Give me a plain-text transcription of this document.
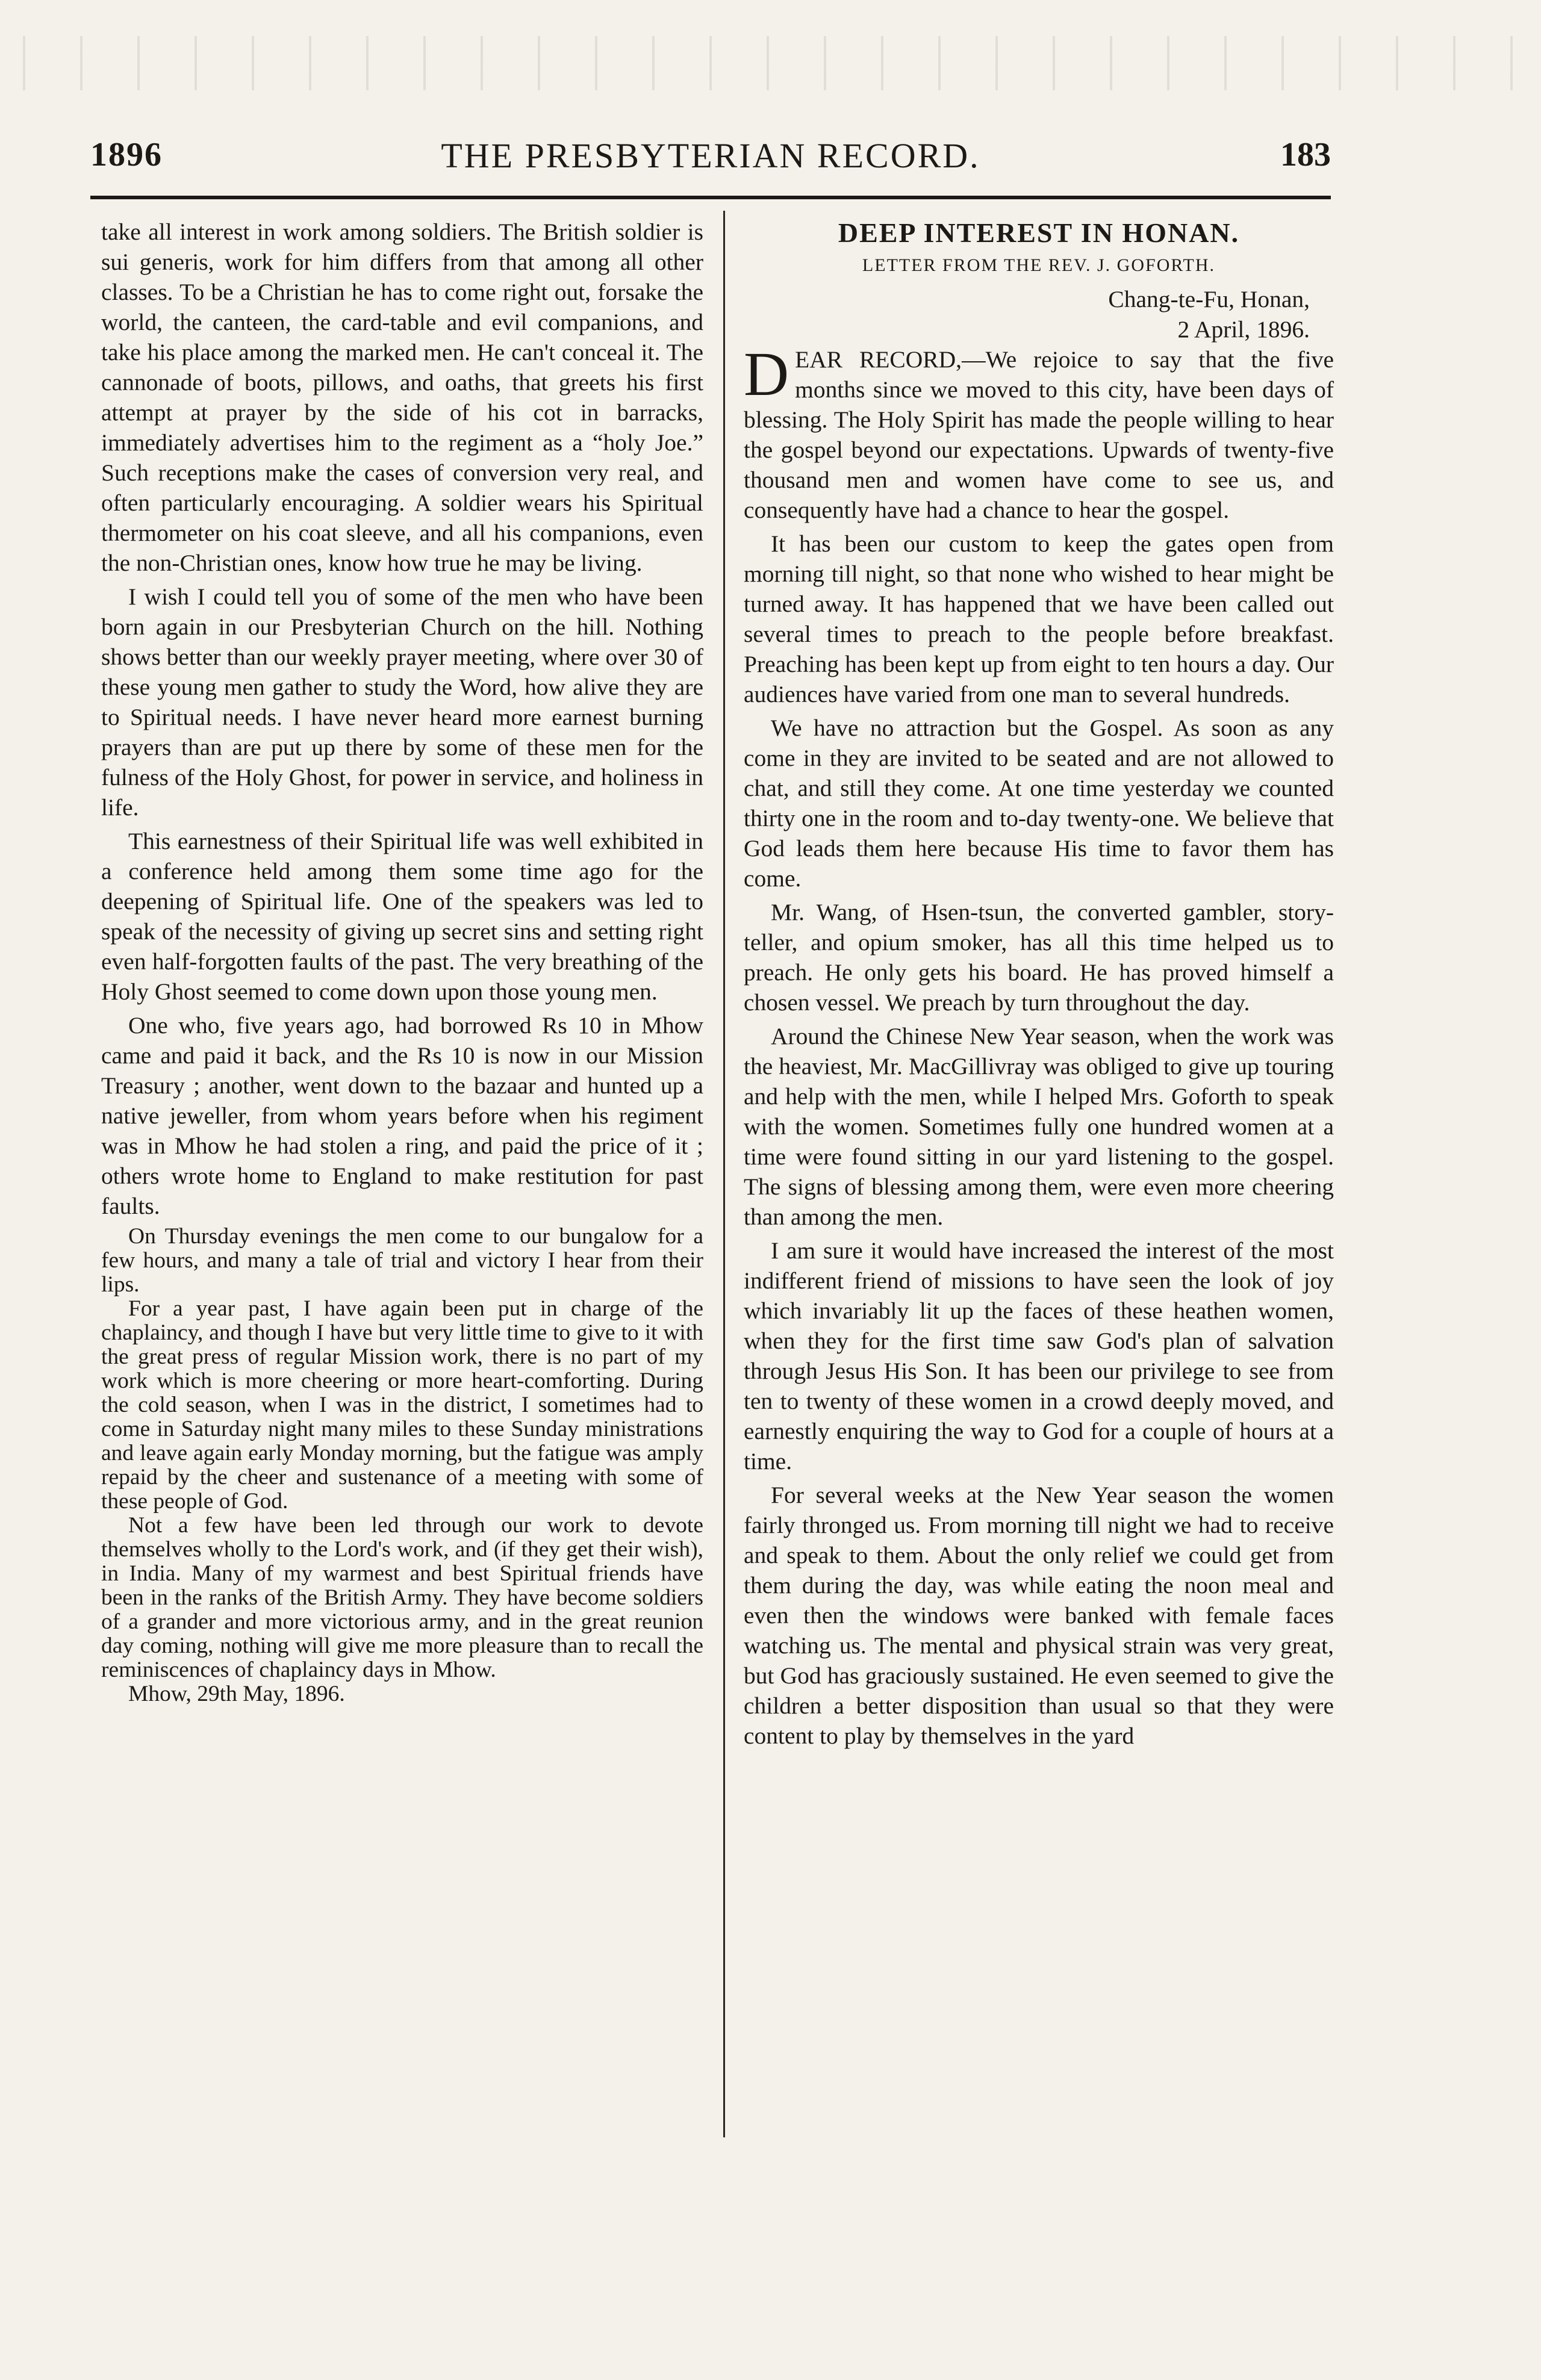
1896	THE PRESBYTERIAN RECORD.	183

take all interest in work among soldiers. The British soldier is sui generis, work for him differs from that among all other classes. To be a Christian he has to come right out, forsake the world, the canteen, the card-table and evil companions, and take his place among the marked men. He can't conceal it. The cannonade of boots, pillows, and oaths, that greets his first attempt at prayer by the side of his cot in barracks, immediately advertises him to the regiment as a “holy Joe.” Such receptions make the cases of conversion very real, and often particularly encouraging. A soldier wears his Spiritual thermometer on his coat sleeve, and all his companions, even the non-Christian ones, know how true he may be living.

I wish I could tell you of some of the men who have been born again in our Presbyterian Church on the hill. Nothing shows better than our weekly prayer meeting, where over 30 of these young men gather to study the Word, how alive they are to Spiritual needs. I have never heard more earnest burning prayers than are put up there by some of these men for the fulness of the Holy Ghost, for power in service, and holiness in life.

This earnestness of their Spiritual life was well exhibited in a conference held among them some time ago for the deepening of Spiritual life. One of the speakers was led to speak of the necessity of giving up secret sins and setting right even half-forgotten faults of the past. The very breathing of the Holy Ghost seemed to come down upon those young men.

One who, five years ago, had borrowed Rs 10 in Mhow came and paid it back, and the Rs 10 is now in our Mission Treasury ; another, went down to the bazaar and hunted up a native jeweller, from whom years before when his regiment was in Mhow he had stolen a ring, and paid the price of it ; others wrote home to England to make restitution for past faults.

On Thursday evenings the men come to our bungalow for a few hours, and many a tale of trial and victory I hear from their lips.

For a year past, I have again been put in charge of the chaplaincy, and though I have but very little time to give to it with the great press of regular Mission work, there is no part of my work which is more cheering or more heart-comforting. During the cold season, when I was in the district, I sometimes had to come in Saturday night many miles to these Sunday ministrations and leave again early Monday morning, but the fatigue was amply repaid by the cheer and sustenance of a meeting with some of these people of God.

Not a few have been led through our work to devote themselves wholly to the Lord's work, and (if they get their wish), in India. Many of my warmest and best Spiritual friends have been in the ranks of the British Army. They have become soldiers of a grander and more victorious army, and in the great reunion day coming, nothing will give me more pleasure than to recall the reminiscences of chaplaincy days in Mhow.

Mhow, 29th May, 1896.

DEEP INTEREST IN HONAN.
LETTER FROM THE REV. J. GOFORTH.
Chang-te-Fu, Honan,
2 April, 1896.

DEAR RECORD,—We rejoice to say that the five months since we moved to this city, have been days of blessing. The Holy Spirit has made the people willing to hear the gospel beyond our expectations. Upwards of twenty-five thousand men and women have come to see us, and consequently have had a chance to hear the gospel.

It has been our custom to keep the gates open from morning till night, so that none who wished to hear might be turned away. It has happened that we have been called out several times to preach to the people before breakfast. Preaching has been kept up from eight to ten hours a day. Our audiences have varied from one man to several hundreds.

We have no attraction but the Gospel. As soon as any come in they are invited to be seated and are not allowed to chat, and still they come. At one time yesterday we counted thirty one in the room and to-day twenty-one. We believe that God leads them here because His time to favor them has come.

Mr. Wang, of Hsen-tsun, the converted gambler, story-teller, and opium smoker, has all this time helped us to preach. He only gets his board. He has proved himself a chosen vessel. We preach by turn throughout the day.

Around the Chinese New Year season, when the work was the heaviest, Mr. MacGillivray was obliged to give up touring and help with the men, while I helped Mrs. Goforth to speak with the women. Sometimes fully one hundred women at a time were found sitting in our yard listening to the gospel. The signs of blessing among them, were even more cheering than among the men.

I am sure it would have increased the interest of the most indifferent friend of missions to have seen the look of joy which invariably lit up the faces of these heathen women, when they for the first time saw God's plan of salvation through Jesus His Son. It has been our privilege to see from ten to twenty of these women in a crowd deeply moved, and earnestly enquiring the way to God for a couple of hours at a time.

For several weeks at the New Year season the women fairly thronged us. From morning till night we had to receive and speak to them. About the only relief we could get from them during the day, was while eating the noon meal and even then the windows were banked with female faces watching us. The mental and physical strain was very great, but God has graciously sustained. He even seemed to give the children a better disposition than usual so that they were content to play by themselves in the yard
